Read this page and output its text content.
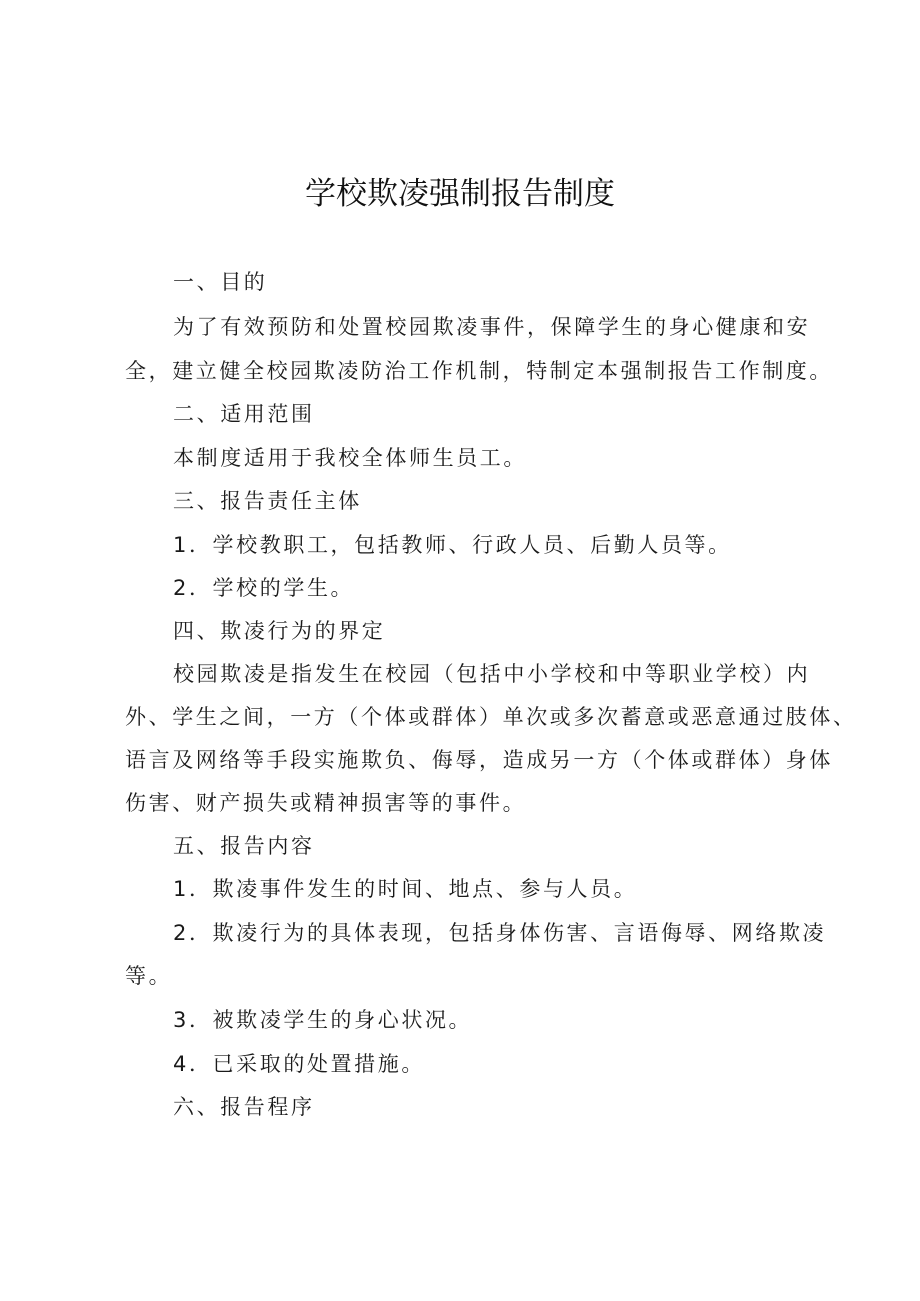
学校欺凌强制报告制度
一、目的
为了有效预防和处置校园欺凌事件，保障学生的身心健康和安
全，建立健全校园欺凌防治工作机制，特制定本强制报告工作制度。
二、适用范围
本制度适用于我校全体师生员工。
三、报告责任主体
1．学校教职工，包括教师、行政人员、后勤人员等。
2．学校的学生。
四、欺凌行为的界定
校园欺凌是指发生在校园（包括中小学校和中等职业学校）内
外、学生之间，一方（个体或群体）单次或多次蓄意或恶意通过肢体、
语言及网络等手段实施欺负、侮辱，造成另一方（个体或群体）身体
伤害、财产损失或精神损害等的事件。
五、报告内容
1．欺凌事件发生的时间、地点、参与人员。
2．欺凌行为的具体表现，包括身体伤害、言语侮辱、网络欺凌
等。
3．被欺凌学生的身心状况。
4．已采取的处置措施。
六、报告程序
